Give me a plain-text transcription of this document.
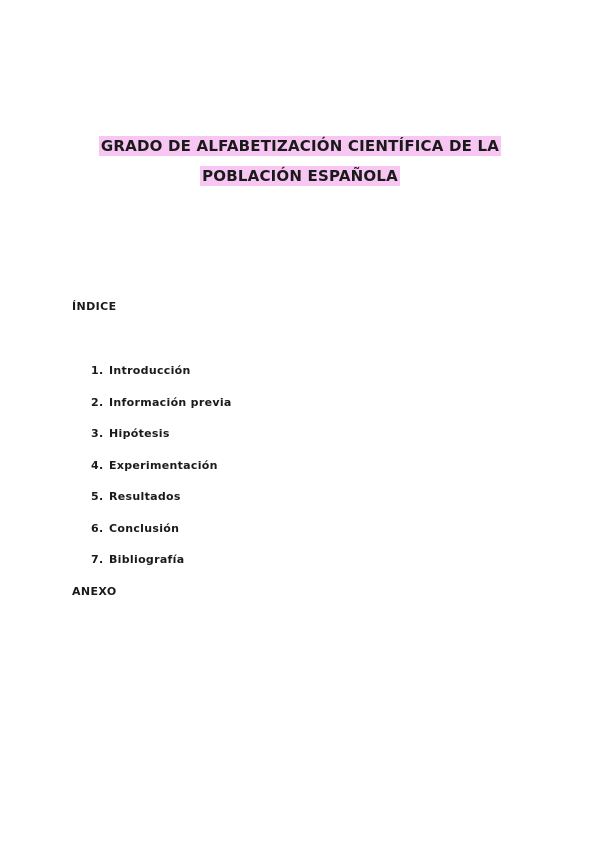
GRADO DE ALFABETIZACIÓN CIENTÍFICA DE LA
POBLACIÓN ESPAÑOLA
ÍNDICE
1. Introducción
2. Información previa
3. Hipótesis
4. Experimentación
5. Resultados
6. Conclusión
7. Bibliografía
ANEXO
